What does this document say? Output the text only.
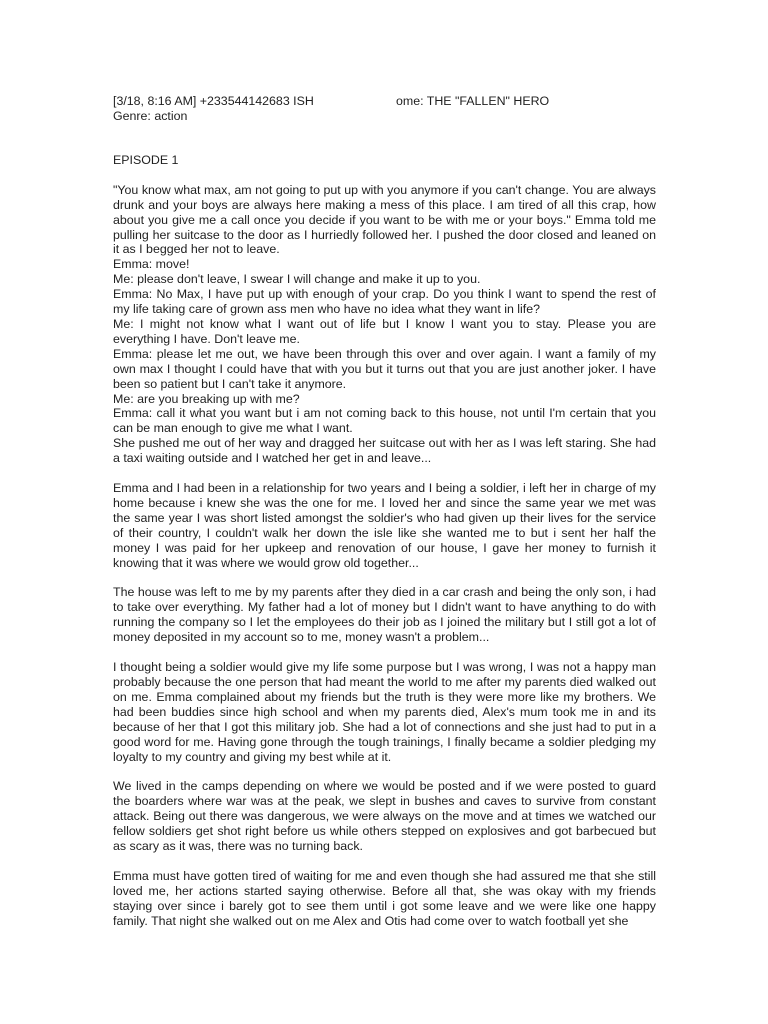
[3/18, 8:16 AM] +233544142683 ISH

	ome: THE "FALLEN" HERO

Genre: action
EPISODE 1

"You know what max, am not going to put up with you anymore if you can't change. You are always drunk and your boys are always here making a mess of this place. I am tired of all this crap, how about you give me a call once you decide if you want to be with me or your boys." Emma told me pulling her suitcase to the door as I hurriedly followed her. I pushed the door closed and leaned on it as I begged her not to leave.

Emma: move!

Me: please don't leave, I swear I will change and make it up to you.

Emma: No Max, I have put up with enough of your crap. Do you think I want to spend the rest of my life taking care of grown ass men who have no idea what they want in life?

Me: I might not know what I want out of life but I know I want you to stay. Please you are everything I have. Don't leave me.

Emma: please let me out, we have been through this over and over again. I want a family of my own max I thought I could have that with you but it turns out that you are just another joker. I have been so patient but I can't take it anymore.

Me: are you breaking up with me?

Emma: call it what you want but i am not coming back to this house, not until I'm certain that you can be man enough to give me what I want.

She pushed me out of her way and dragged her suitcase out with her as I was left staring. She had a taxi waiting outside and I watched her get in and leave...

Emma and I had been in a relationship for two years and I being a soldier, i left her in charge of my home because i knew she was the one for me. I loved her and since the same year we met was the same year I was short listed amongst the soldier's who had given up their lives for the service of their country, I couldn't walk her down the isle like she wanted me to but i sent her half the money I was paid for her upkeep and renovation of our house, I gave her money to furnish it knowing that it was where we would grow old together...

The house was left to me by my parents after they died in a car crash and being the only son, i had to take over everything. My father had a lot of money but I didn't want to have anything to do with running the company so I let the employees do their job as I joined the military but I still got a lot of money deposited in my account so to me, money wasn't a problem...

I thought being a soldier would give my life some purpose but I was wrong, I was not a happy man probably because the one person that had meant the world to me after my parents died walked out on me. Emma complained about my friends but the truth is they were more like my brothers. We had been buddies since high school and when my parents died, Alex's mum took me in and its because of her that I got this military job. She had a lot of connections and she just had to put in a good word for me. Having gone through the tough trainings, I finally became a soldier pledging my loyalty to my country and giving my best while at it.

We lived in the camps depending on where we would be posted and if we were posted to guard the boarders where war was at the peak, we slept in bushes and caves to survive from constant attack. Being out there was dangerous, we were always on the move and at times we watched our fellow soldiers get shot right before us while others stepped on explosives and got barbecued but as scary as it was, there was no turning back.

Emma must have gotten tired of waiting for me and even though she had assured me that she still loved me, her actions started saying otherwise. Before all that, she was okay with my friends staying over since i barely got to see them until i got some leave and we were like one happy family. That night she walked out on me Alex and Otis had come over to watch football yet she
